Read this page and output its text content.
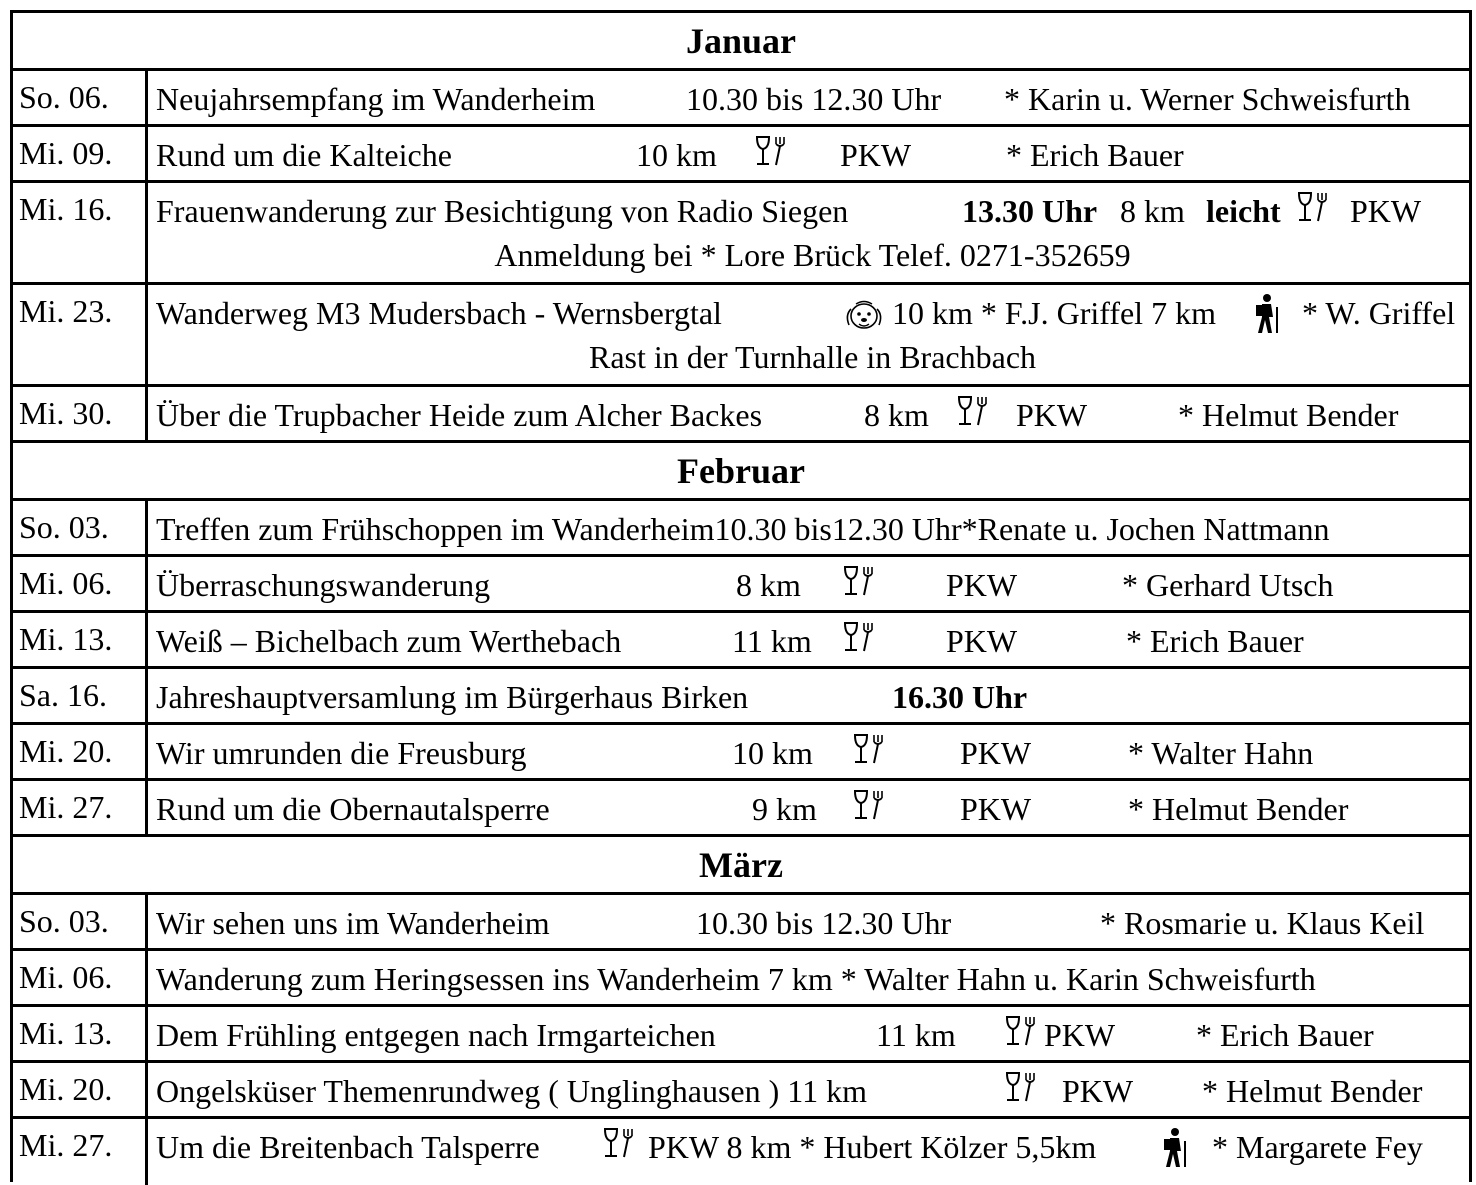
Januar
So. 06. Neujahrsempfang im Wanderheim	10.30 bis 12.30 Uhr * Karin u. Werner Schweisfurth
Mi. 09. Rund um die Kalteiche	10 km	PKW	* Erich Bauer
Mi. 16. Frauenwanderung zur Besichtigung von Radio Siegen	13.30 Uhr 8 km leicht PKW
Anmeldung bei * Lore Brück Telef. 0271-352659
Mi. 23. Wanderweg M3 Mudersbach - Wernsbergtal	10 km * F.J. Griffel 7 km	* W. Griffel
Rast in der Turnhalle in Brachbach
Mi. 30. Über die Trupbacher Heide zum Alcher Backes	8 km	PKW	* Helmut Bender
Februar
So. 03. Treffen zum Frühschoppen im Wanderheim10.30 bis12.30 Uhr*Renate u. Jochen Nattmann
Mi. 06. Überraschungswanderung	8 km	PKW	* Gerhard Utsch
Mi. 13. Weiß – Bichelbach zum Werthebach	11 km	PKW	* Erich Bauer
Sa. 16. Jahreshauptversamlung im Bürgerhaus Birken	16.30 Uhr
Mi. 20. Wir umrunden die Freusburg	10 km	PKW	* Walter Hahn
Mi. 27. Rund um die Obernautalsperre	9 km	PKW	* Helmut Bender
März
So. 03. Wir sehen uns im Wanderheim	10.30 bis 12.30 Uhr	* Rosmarie u. Klaus Keil
Mi. 06. Wanderung zum Heringsessen ins Wanderheim 7 km * Walter Hahn u. Karin Schweisfurth
Mi. 13. Dem Frühling entgegen nach Irmgarteichen	11 km	PKW	* Erich Bauer
Mi. 20. Ongelsküser Themenrundweg ( Unglinghausen ) 11 km	PKW * Helmut Bender
Mi. 27. Um die Breitenbach Talsperre	PKW 8 km * Hubert Kölzer 5,5km	* Margarete Fey
